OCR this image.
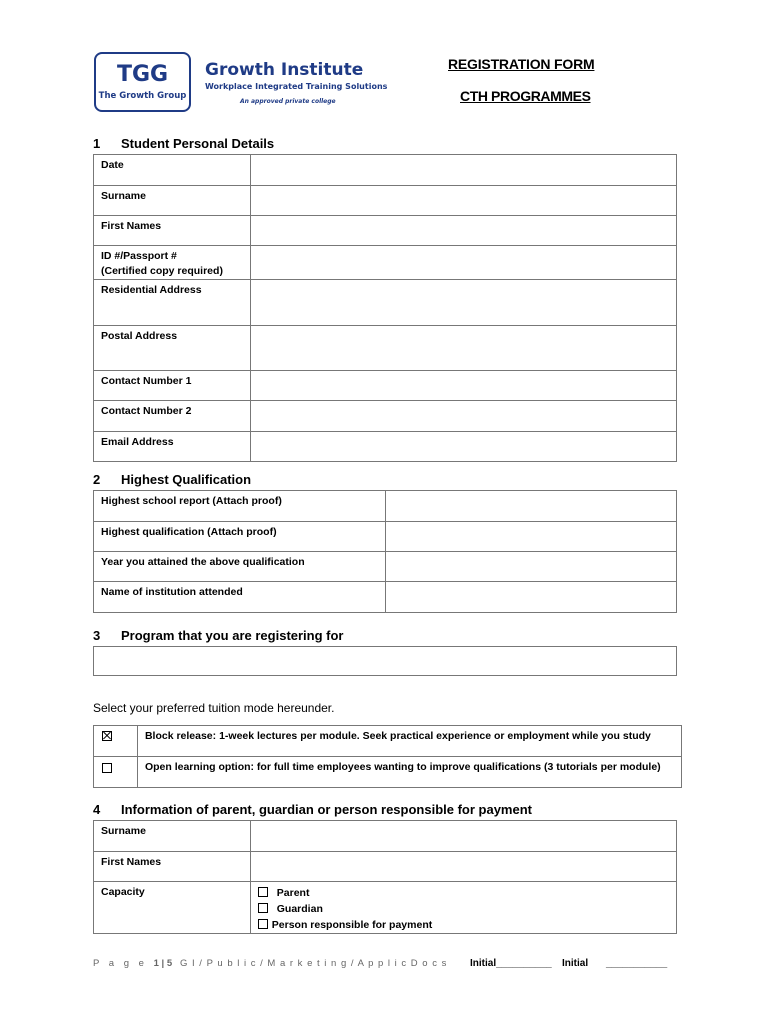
TGG
The Growth Group
Growth Institute
Workplace Integrated Training Solutions
An approved private college
REGISTRATION FORM
CTH PROGRAMMES
1 Student Personal Details
Date	
Surname	
First Names	
ID #/Passport #
(Certified copy required)	
Residential Address	
Postal Address	
Contact Number 1	
Contact Number 2	
Email Address	
2 Highest Qualification
Highest school report (Attach proof)	
Highest qualification (Attach proof)	
Year you attained the above qualification	
Name of institution attended	
3 Program that you are registering for
Select your preferred tuition mode hereunder.
	Block release: 1-week lectures per module. Seek practical experience or employment while you study
	Open learning option: for full time employees wanting to improve qualifications (3 tutorials per module)
4 Information of parent, guardian or person responsible for payment
Surname	
First Names	
Capacity	Parent
Guardian
Person responsible for payment
P a g e 1 | 5 G I / P u b l i c / M a r k e t i n g / A p p l i c D o c s Initial__________ Initial ___________
